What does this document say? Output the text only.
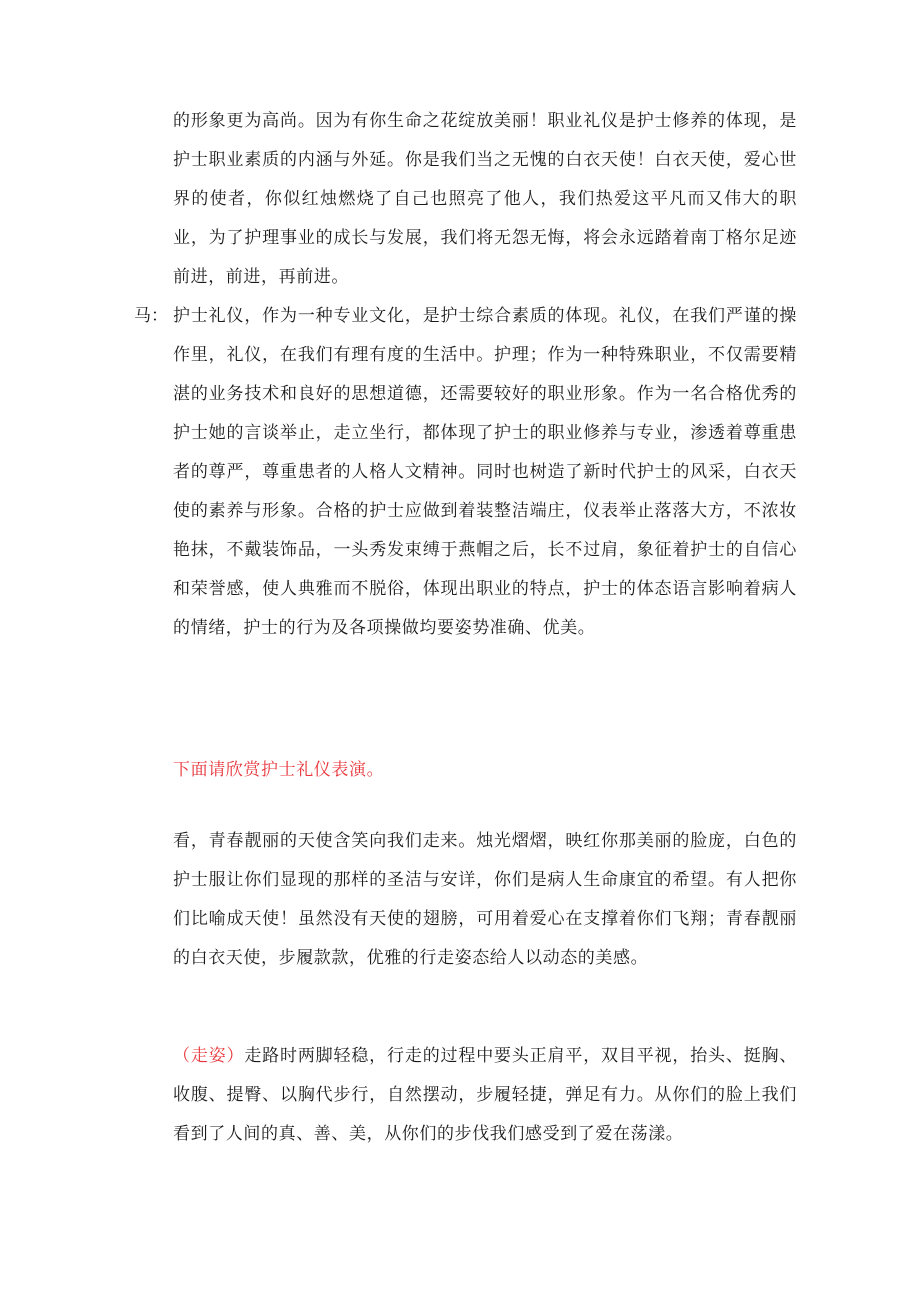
的形象更为高尚。因为有你生命之花绽放美丽！职业礼仪是护士修养的体现，是护士职业素质的内涵与外延。你是我们当之无愧的白衣天使！白衣天使，爱心世界的使者，你似红烛燃烧了自己也照亮了他人，我们热爱这平凡而又伟大的职业，为了护理事业的成长与发展，我们将无怨无悔，将会永远踏着南丁格尔足迹前进，前进，再前进。

马： 护士礼仪，作为一种专业文化，是护士综合素质的体现。礼仪，在我们严谨的操作里，礼仪，在我们有理有度的生活中。护理；作为一种特殊职业，不仅需要精湛的业务技术和良好的思想道德，还需要较好的职业形象。作为一名合格优秀的护士她的言谈举止，走立坐行，都体现了护士的职业修养与专业，渗透着尊重患者的尊严，尊重患者的人格人文精神。同时也树造了新时代护士的风采，白衣天使的素养与形象。合格的护士应做到着装整洁端庄，仪表举止落落大方，不浓妆艳抹，不戴装饰品，一头秀发束缚于燕帽之后，长不过肩，象征着护士的自信心和荣誉感，使人典雅而不脱俗，体现出职业的特点，护士的体态语言影响着病人的情绪，护士的行为及各项操做均要姿势准确、优美。

下面请欣赏护士礼仪表演。

看，青春靓丽的天使含笑向我们走来。烛光熠熠，映红你那美丽的脸庞，白色的护士服让你们显现的那样的圣洁与安详，你们是病人生命康宜的希望。有人把你们比喻成天使！虽然没有天使的翅膀，可用着爱心在支撑着你们飞翔；青春靓丽的白衣天使，步履款款，优雅的行走姿态给人以动态的美感。

（走姿）走路时两脚轻稳，行走的过程中要头正肩平，双目平视，抬头、挺胸、收腹、提臀、以胸代步行，自然摆动，步履轻捷，弹足有力。从你们的脸上我们看到了人间的真、善、美，从你们的步伐我们感受到了爱在荡漾。
